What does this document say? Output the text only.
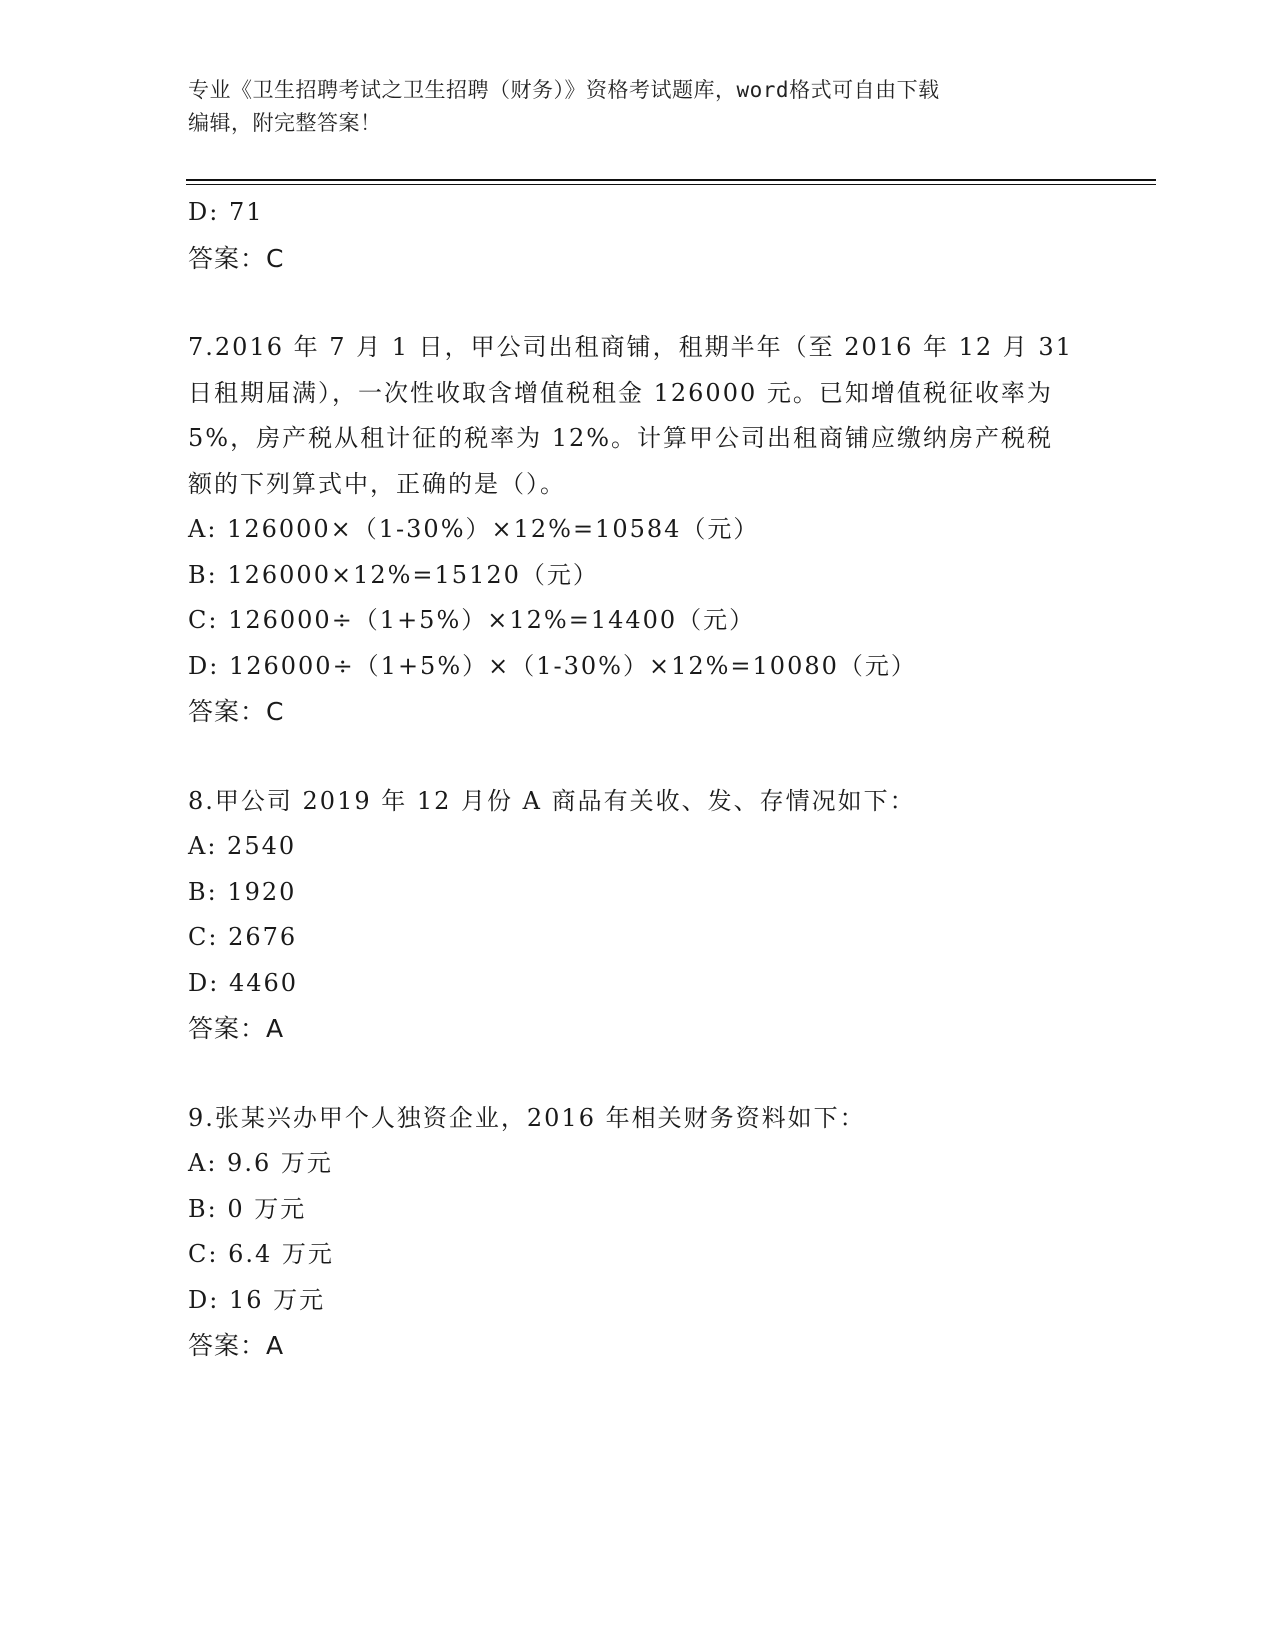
专业《卫生招聘考试之卫生招聘（财务）》资格考试题库，word格式可自由下载
编辑，附完整答案！
D: 71
答案：C
7.2016 年 7 月 1 日，甲公司出租商铺，租期半年（至 2016 年 12 月 31 日租期届满），一次性收取含增值税租金 126000 元。已知增值税征收率为 5%，房产税从租计征的税率为 12%。计算甲公司出租商铺应缴纳房产税税额的下列算式中，正确的是（）。
A: 126000×（1-30%）×12%=10584（元）
B: 126000×12%=15120（元）
C: 126000÷（1+5%）×12%=14400（元）
D: 126000÷（1+5%）×（1-30%）×12%=10080（元）
答案：C
8.甲公司 2019 年 12 月份 A 商品有关收、发、存情况如下：
A: 2540
B: 1920
C: 2676
D: 4460
答案：A
9.张某兴办甲个人独资企业，2016 年相关财务资料如下：
A: 9.6 万元
B: 0 万元
C: 6.4 万元
D: 16 万元
答案：A
